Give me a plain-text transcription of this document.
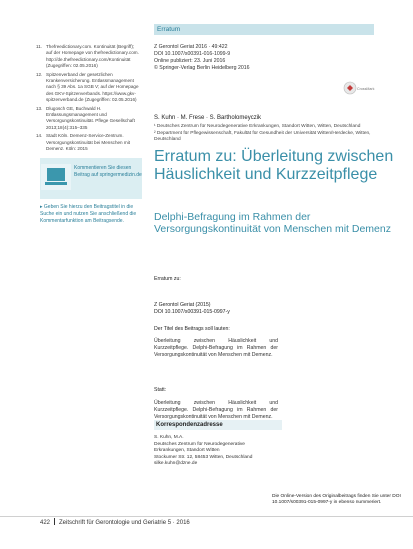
11. Thefreedictionary.com. Kontinuität (Begriff); auf der Homepage von thefreedictionary.com. http://de.thefreedictionary.com/Kontinuität (Zugegriffen: 02.05.2016)
12. Spitzenverband der gesetzlichen Krankenversicherung. Entlassmanagement nach § 39 Abs. 1a SGB V; auf der Homepage des GKV-Spitzenverbands. https://www.gkv-spitzenverband.de (Zugegriffen: 02.05.2016)
13. Dlugosch GE, Buchwald H. Entlassungsmanagement und Versorgungskontinuität. Pflege Gesellschaft 2013;18(4):315–335
14. Stadt Köln. Demenz-Service-Zentrum. Versorgungskontinuität bei Menschen mit Demenz. Köln: 2015
Kommentieren Sie diesen Beitrag auf springermedizin.de
▸ Geben Sie hierzu den Beitragstitel in die Suche ein und nutzen Sie anschließend die Kommentarfunktion am Beitragsende.
Erratum
Z Gerontol Geriat 2016 · 49:422
DOI 10.1007/s00391-016-1099-9
Online publiziert: 23. Juni 2016
© Springer-Verlag Berlin Heidelberg 2016
CrossMark
S. Kuhn · M. Frese · S. Bartholomeyczik
¹ Deutsches Zentrum für Neurodegenerative Erkrankungen, Standort Witten, Witten, Deutschland
² Department für Pflegewissenschaft, Fakultät für Gesundheit der Universität Witten/Herdecke, Witten, Deutschland
Erratum zu: Überleitung zwischen Häuslichkeit und Kurzzeitpflege
Delphi-Befragung im Rahmen der Versorgungskontinuität von Menschen mit Demenz
Erratum zu:
Z Gerontol Geriat (2015)
DOI 10.1007/s00391-015-0997-y
Der Titel des Beitrags soll lauten:
Überleitung zwischen Häuslichkeit und Kurzzeitpflege. Delphi-Befragung im Rahmen der Versorgungskontinuität von Menschen mit Demenz.
Statt:
Überleitung zwischen Häuslichkeit und Kurzzeitpflege. Delphi-Befragung im Rahmen der Versorgungskontinuität von Menschen mit Demenz.
Korrespondenzadresse
S. Kuhn, M.A.
Deutsches Zentrum für Neurodegenerative
Erkrankungen, Standort Witten
Stockumer Str. 12, 58453 Witten, Deutschland
silke.kuhn@dzne.de
Die Online-Version des Originalbeitrags finden Sie unter DOI 10.1007/s00391-015-0997-y in ebenso nummeriert.
422 Zeitschrift für Gerontologie und Geriatrie 5 · 2016
